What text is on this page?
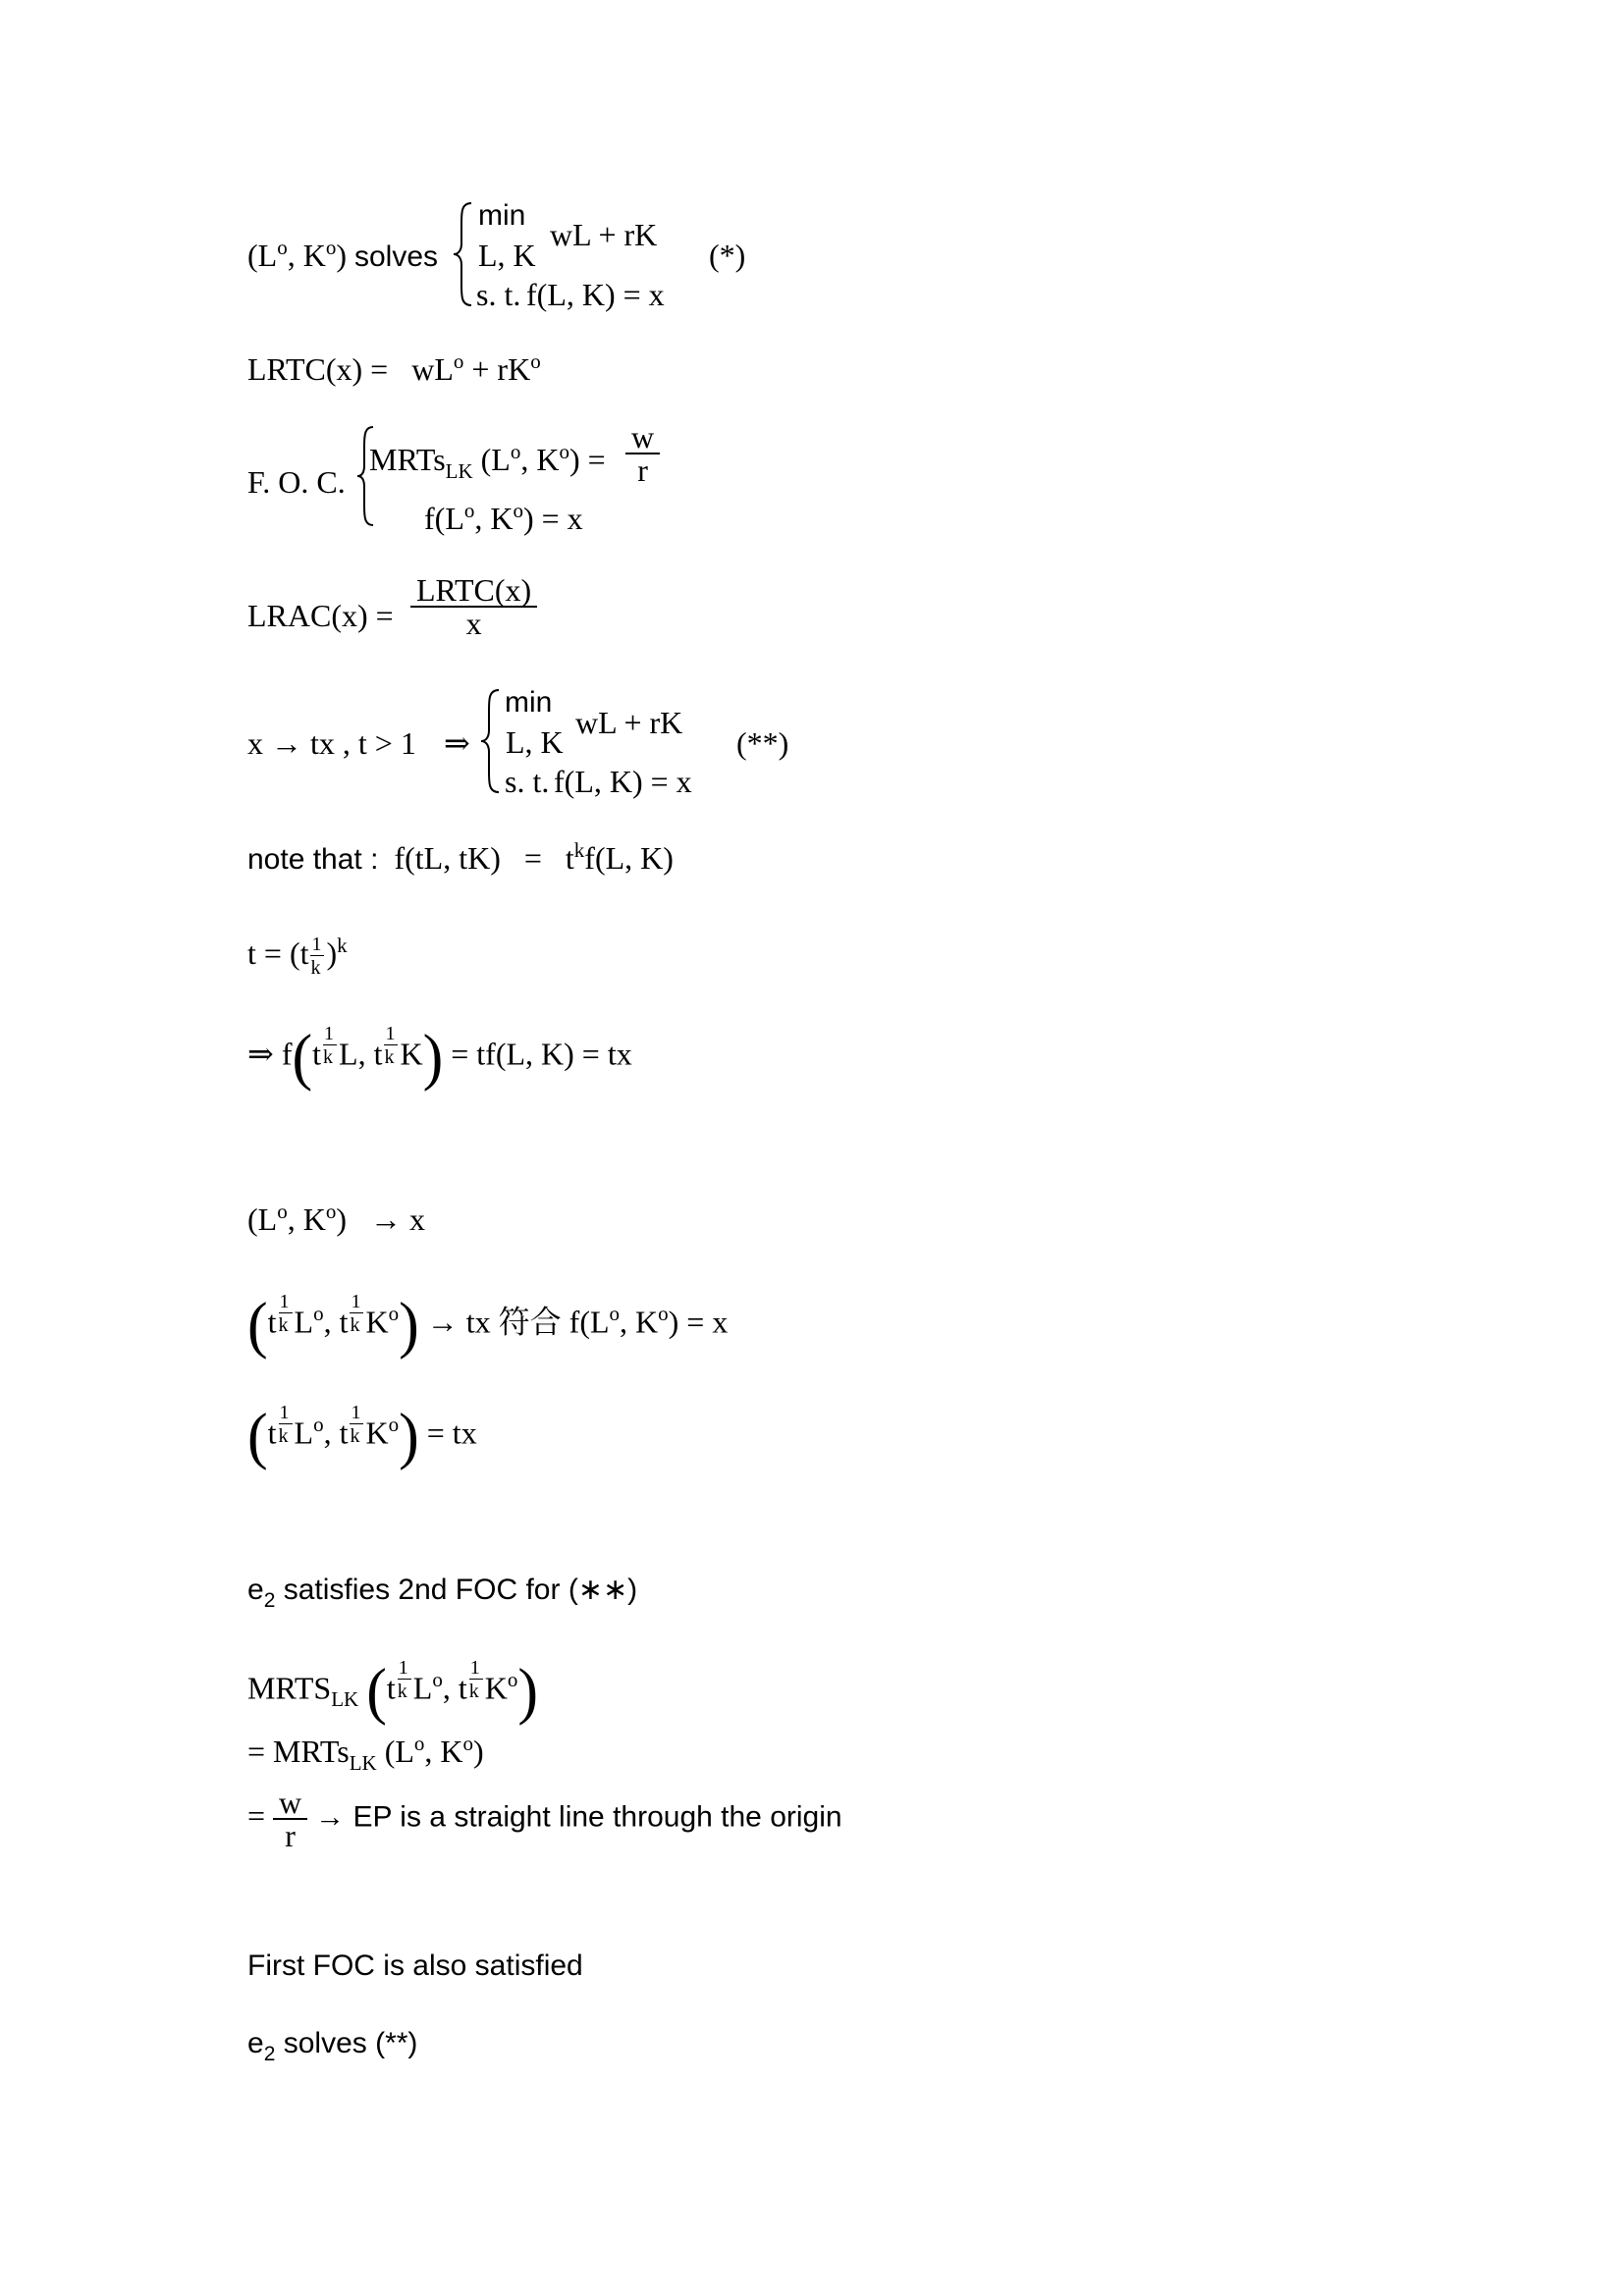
($L^o$, $K^o$) solves
min
L, K
wL + rK
s. t. f(L, K) = x
(*)
LRTC(x) = $wL^o + rK^o$
F. O. C.
MRTs$_{LK}$ ($L^o$, $K^o) = \frac{w}{r}$
$f(L^o$, $K^o) = x$
LRAC(x) = $\frac{\text{LRTC(x)}}{x}$
x → tx , t > 1 ⇒
min
L, K
wL + rK
s. t. f(L, K) = x
(**)
note that : f(tL, $tK) = t^kf(L$, K)
$t = (t \frac{1}{k} )^k$
⇒ $f(t \frac{1}{k} L$, t $\frac{1}{k} K) = tf(L$, K) = tx
($L^o$, $K^o) \to x$
($t \frac{1}{k} L^o$, t $\frac{1}{k} K^o$) → tx 符合 $f(L^o$, $K^o) = x$
($t \frac{1}{k} L^o$, t $\frac{1}{k} K^o$) = tx
$e_2$ satisfies 2nd FOC for (∗∗)
$MRTS_{LK}$ ($t \frac{1}{k} L^o$, t $\frac{1}{k} K^o$)
= MRTs$_{LK}$ ($L^o$, $K^o$)
= $\frac{w}{r}$ → EP is a straight line through the origin
First FOC is also satisfied
$e_2$ solves (**)
